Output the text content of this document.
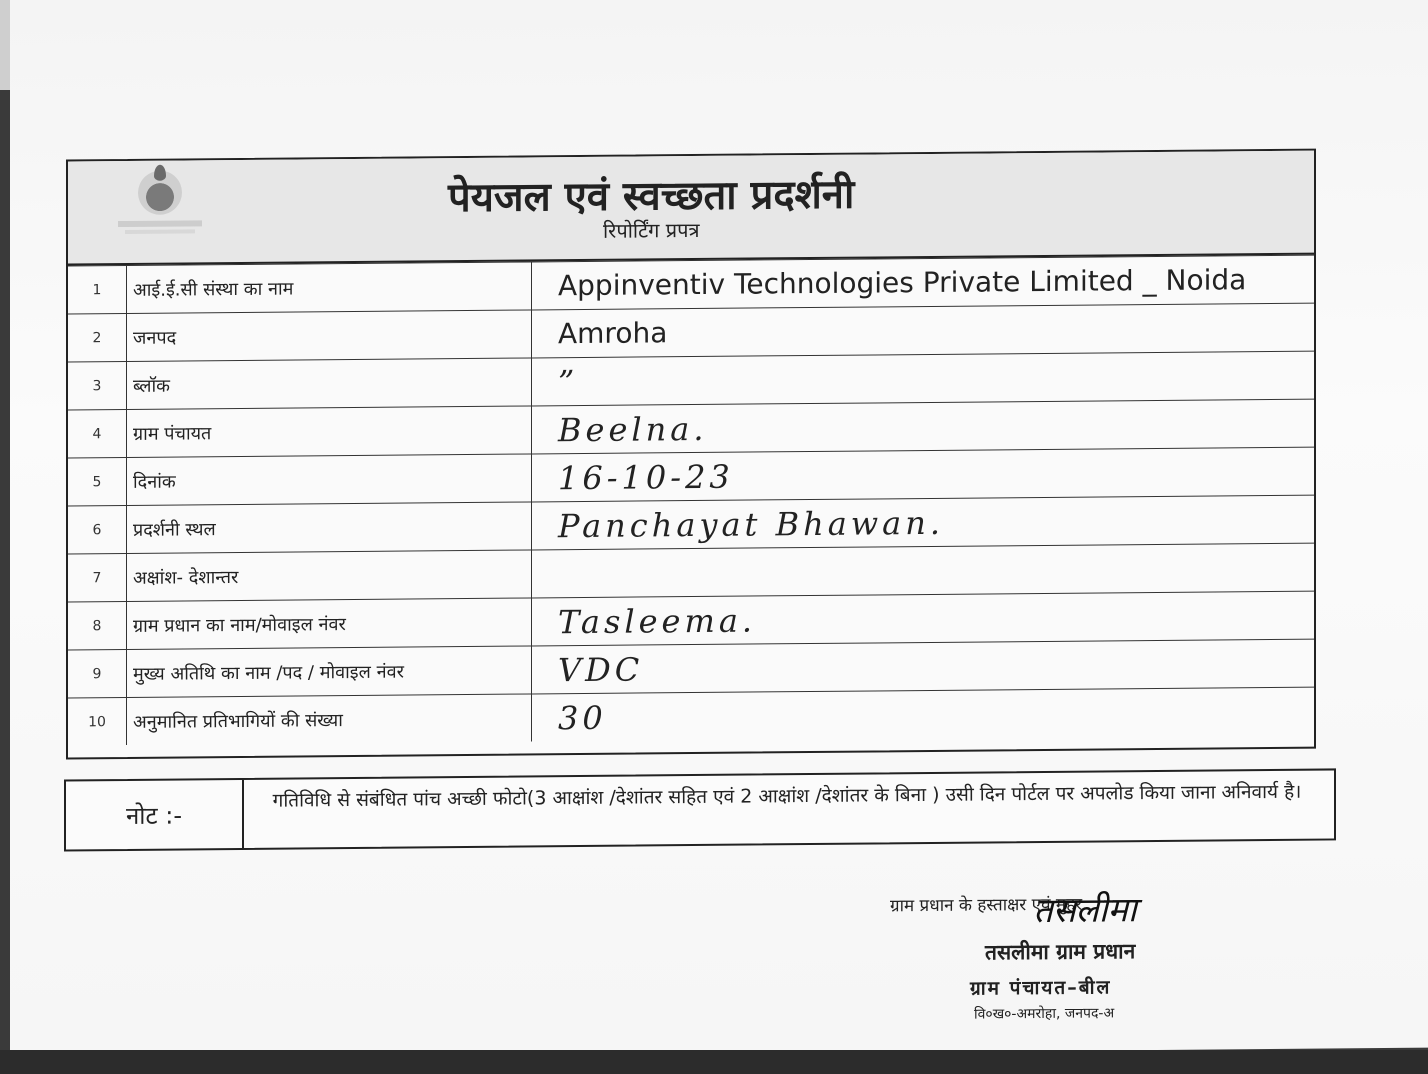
पेयजल एवं स्वच्छता प्रदर्शनी
रिपोर्टिंग प्रपत्र
1	आई.ई.सी संस्था का नाम	Appinventiv Technologies Private Limited _ Noida
2	जनपद	Amroha
3	ब्लॉक	”
4	ग्राम पंचायत	Beelna.
5	दिनांक	16-10-23
6	प्रदर्शनी स्थल	Panchayat Bhawan.
7	अक्षांश- देशान्तर	
8	ग्राम प्रधान का नाम/मोवाइल नंवर	Tasleema.
9	मुख्य अतिथि का नाम /पद / मोवाइल नंवर	VDC
10	अनुमानित प्रतिभागियों की संख्या	30
नोट :-
गतिविधि से संबंधित पांच अच्छी फोटो(3 आक्षांश /देशांतर सहित एवं 2 आक्षांश /देशांतर के बिना ) उसी दिन पोर्टल पर अपलोड किया जाना अनिवार्य है।
ग्राम प्रधान के हस्ताक्षर एवं मुहर
तसलीमा
तसलीमा ग्राम प्रधान
ग्राम पंचायत–बील
वि०ख०-अमरोहा, जनपद-अ
